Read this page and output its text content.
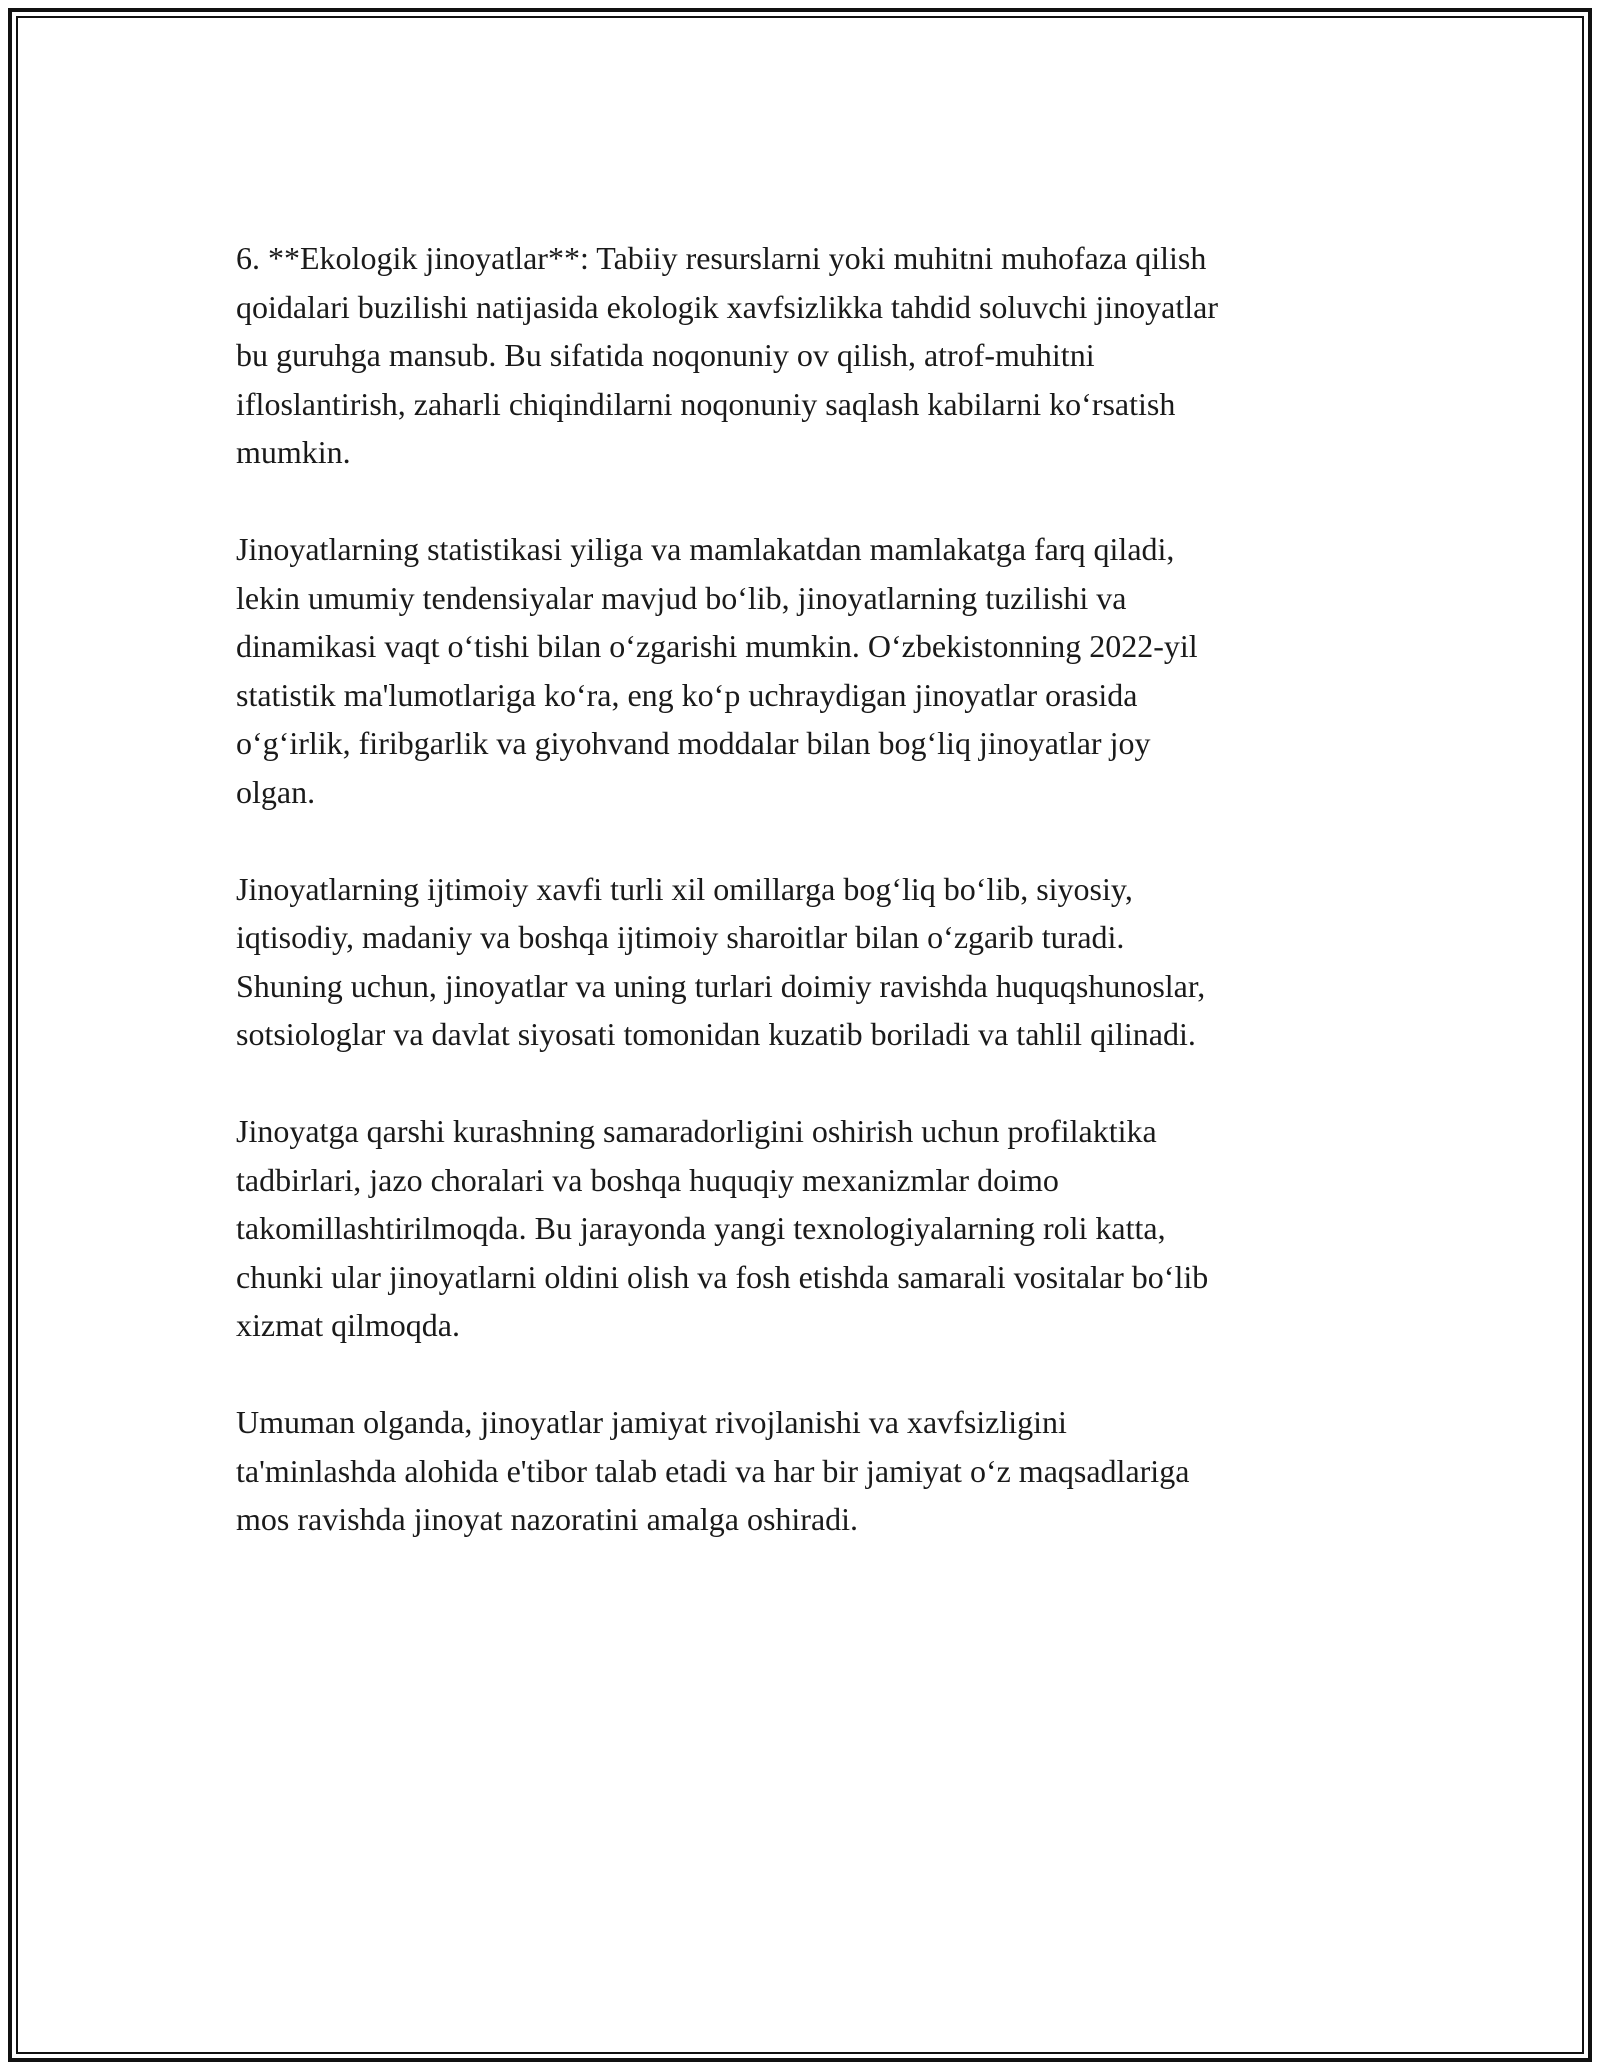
6. **Ekologik jinoyatlar**: Tabiiy resurslarni yoki muhitni muhofaza qilish
qoidalari buzilishi natijasida ekologik xavfsizlikka tahdid soluvchi jinoyatlar
bu guruhga mansub. Bu sifatida noqonuniy ov qilish, atrof-muhitni
ifloslantirish, zaharli chiqindilarni noqonuniy saqlash kabilarni ko‘rsatish
mumkin.

Jinoyatlarning statistikasi yiliga va mamlakatdan mamlakatga farq qiladi,
lekin umumiy tendensiyalar mavjud bo‘lib, jinoyatlarning tuzilishi va
dinamikasi vaqt o‘tishi bilan o‘zgarishi mumkin. O‘zbekistonning 2022-yil
statistik ma'lumotlariga ko‘ra, eng ko‘p uchraydigan jinoyatlar orasida
o‘g‘irlik, firibgarlik va giyohvand moddalar bilan bog‘liq jinoyatlar joy
olgan.

Jinoyatlarning ijtimoiy xavfi turli xil omillarga bog‘liq bo‘lib, siyosiy,
iqtisodiy, madaniy va boshqa ijtimoiy sharoitlar bilan o‘zgarib turadi.
Shuning uchun, jinoyatlar va uning turlari doimiy ravishda huquqshunoslar,
sotsiologlar va davlat siyosati tomonidan kuzatib boriladi va tahlil qilinadi.

Jinoyatga qarshi kurashning samaradorligini oshirish uchun profilaktika
tadbirlari, jazo choralari va boshqa huquqiy mexanizmlar doimo
takomillashtirilmoqda. Bu jarayonda yangi texnologiyalarning roli katta,
chunki ular jinoyatlarni oldini olish va fosh etishda samarali vositalar bo‘lib
xizmat qilmoqda.

Umuman olganda, jinoyatlar jamiyat rivojlanishi va xavfsizligini
ta'minlashda alohida e'tibor talab etadi va har bir jamiyat o‘z maqsadlariga
mos ravishda jinoyat nazoratini amalga oshiradi.
